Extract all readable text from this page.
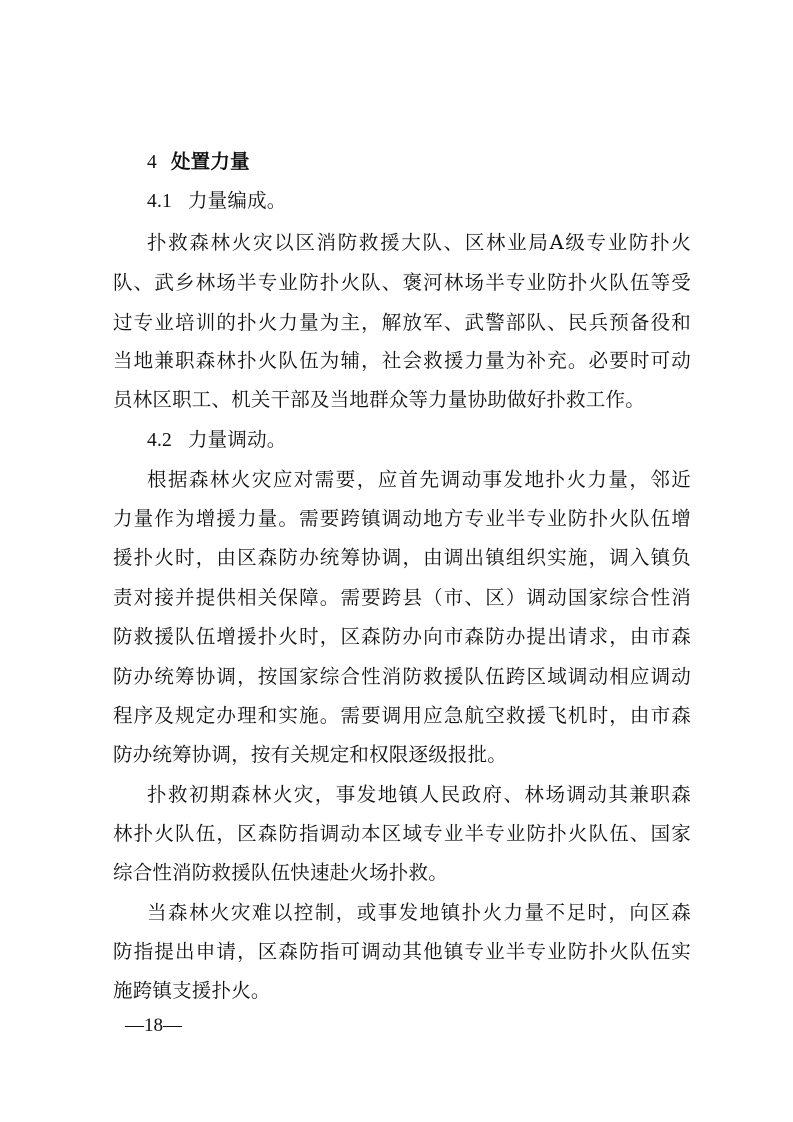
4 处置力量
4.1 力量编成。
扑救森林火灾以区消防救援大队、区林业局A级专业防扑火
队、武乡林场半专业防扑火队、褒河林场半专业防扑火队伍等受
过专业培训的扑火力量为主，解放军、武警部队、民兵预备役和
当地兼职森林扑火队伍为辅，社会救援力量为补充。必要时可动
员林区职工、机关干部及当地群众等力量协助做好扑救工作。
4.2 力量调动。
根据森林火灾应对需要，应首先调动事发地扑火力量，邻近
力量作为增援力量。需要跨镇调动地方专业半专业防扑火队伍增
援扑火时，由区森防办统筹协调，由调出镇组织实施，调入镇负
责对接并提供相关保障。需要跨县（市、区）调动国家综合性消
防救援队伍增援扑火时，区森防办向市森防办提出请求，由市森
防办统筹协调，按国家综合性消防救援队伍跨区域调动相应调动
程序及规定办理和实施。需要调用应急航空救援飞机时，由市森
防办统筹协调，按有关规定和权限逐级报批。
扑救初期森林火灾，事发地镇人民政府、林场调动其兼职森
林扑火队伍，区森防指调动本区域专业半专业防扑火队伍、国家
综合性消防救援队伍快速赴火场扑救。
当森林火灾难以控制，或事发地镇扑火力量不足时，向区森
防指提出申请，区森防指可调动其他镇专业半专业防扑火队伍实
施跨镇支援扑火。
—18—
